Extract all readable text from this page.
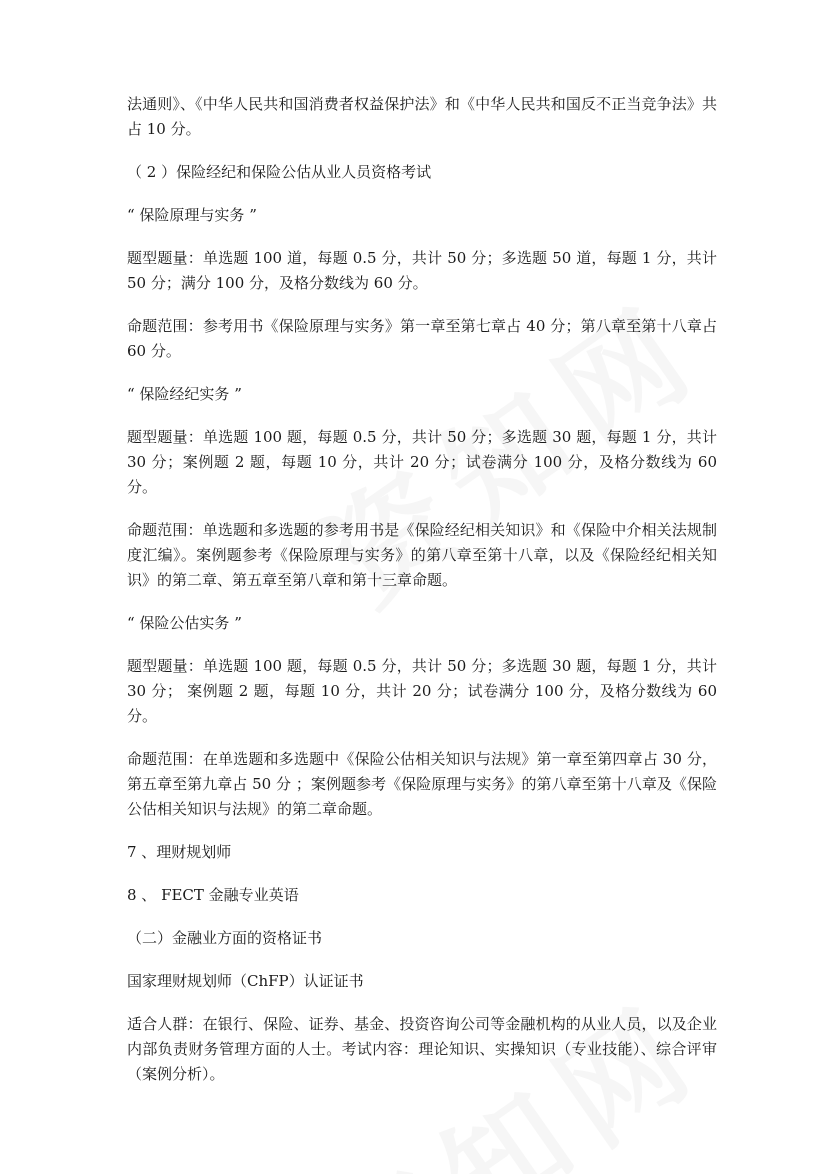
法通则》、《中华人民共和国消费者权益保护法》和《中华人民共和国反不正当竞争法》共占 10 分。

（ 2 ）保险经纪和保险公估从业人员资格考试

“ 保险原理与实务 ”

题型题量：单选题 100 道，每题 0.5 分，共计 50 分；多选题 50 道，每题 1 分，共计 50 分；满分 100 分，及格分数线为 60 分。

命题范围：参考用书《保险原理与实务》第一章至第七章占 40 分；第八章至第十八章占 60 分。

“ 保险经纪实务 ”

题型题量：单选题 100 题，每题 0.5 分，共计 50 分；多选题 30 题，每题 1 分，共计 30 分；案例题 2 题，每题 10 分，共计 20 分；试卷满分 100 分，及格分数线为 60 分。

命题范围：单选题和多选题的参考用书是《保险经纪相关知识》和《保险中介相关法规制度汇编》。案例题参考《保险原理与实务》的第八章至第十八章，以及《保险经纪相关知识》的第二章、第五章至第八章和第十三章命题。

“ 保险公估实务 ”

题型题量：单选题 100 题，每题 0.5 分，共计 50 分；多选题 30 题，每题 1 分，共计 30 分； 案例题 2 题，每题 10 分，共计 20 分；试卷满分 100 分，及格分数线为 60 分。

命题范围：在单选题和多选题中《保险公估相关知识与法规》第一章至第四章占 30 分，第五章至第九章占 50 分 ；案例题参考《保险原理与实务》的第八章至第十八章及《保险公估相关知识与法规》的第二章命题。

7 、理财规划师

8 、 FECT 金融专业英语

（二）金融业方面的资格证书

国家理财规划师（ChFP）认证证书

适合人群：在银行、保险、证券、基金、投资咨询公司等金融机构的从业人员，以及企业内部负责财务管理方面的人士。考试内容：理论知识、实操知识（专业技能）、综合评审（案例分析）。
